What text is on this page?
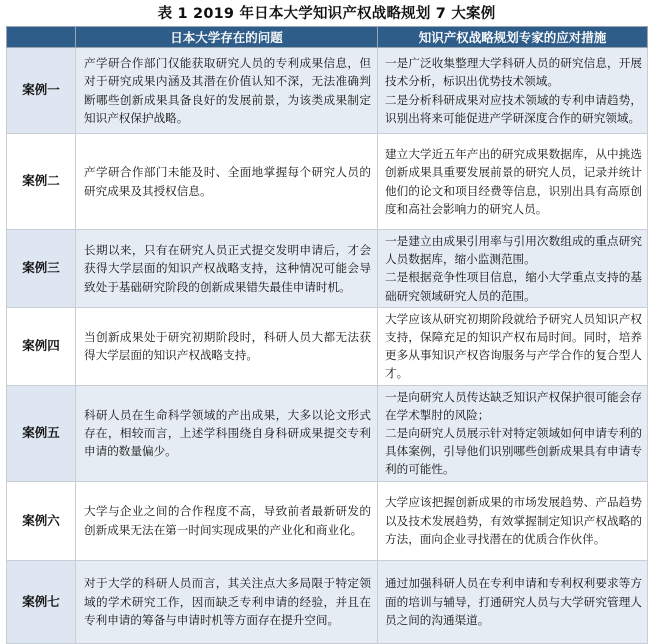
表 1 2019 年日本大学知识产权战略规划 7 大案例
	日本大学存在的问题	知识产权战略规划专家的应对措施
案例一	产学研合作部门仅能获取研究人员的专利成果信息，但对于研究成果内涵及其潜在价值认知不深，无法准确判断哪些创新成果具备良好的发展前景，为该类成果制定知识产权保护战略。	一是广泛收集整理大学科研人员的研究信息，开展技术分析，标识出优势技术领域。
二是分析科研成果对应技术领域的专利申请趋势，识别出将来可能促进产学研深度合作的研究领域。

案例二	产学研合作部门未能及时、全面地掌握每个研究人员的研究成果及其授权信息。	建立大学近五年产出的研究成果数据库，从中挑选创新成果具重要发展前景的研究人员，记录并统计他们的论文和项目经费等信息，识别出具有高原创度和高社会影响力的研究人员。

案例三	长期以来，只有在研究人员正式提交发明申请后，才会获得大学层面的知识产权战略支持，这种情况可能会导致处于基础研究阶段的创新成果错失最佳申请时机。	一是建立由成果引用率与引用次数组成的重点研究人员数据库，缩小监测范围。
二是根据竞争性项目信息，缩小大学重点支持的基础研究领域研究人员的范围。

案例四	当创新成果处于研究初期阶段时，科研人员大都无法获得大学层面的知识产权战略支持。	大学应该从研究初期阶段就给予研究人员知识产权支持，保障充足的知识产权布局时间。同时，培养更多从事知识产权咨询服务与产学合作的复合型人才。

案例五	科研人员在生命科学领域的产出成果，大多以论文形式存在，相较而言，上述学科围绕自身科研成果提交专利申请的数量偏少。	一是向研究人员传达缺乏知识产权保护很可能会存在学术掣肘的风险；
二是向研究人员展示针对特定领域如何申请专利的具体案例，引导他们识别哪些创新成果具有申请专利的可能性。

案例六	大学与企业之间的合作程度不高，导致前者最新研发的创新成果无法在第一时间实现成果的产业化和商业化。	大学应该把握创新成果的市场发展趋势、产品趋势以及技术发展趋势，有效掌握制定知识产权战略的方法，面向企业寻找潜在的优质合作伙伴。

案例七	对于大学的科研人员而言，其关注点大多局限于特定领域的学术研究工作，因而缺乏专利申请的经验，并且在专利申请的筹备与申请时机等方面存在提升空间。	通过加强科研人员在专利申请和专利权利要求等方面的培训与辅导，打通研究人员与大学研究管理人员之间的沟通渠道。
